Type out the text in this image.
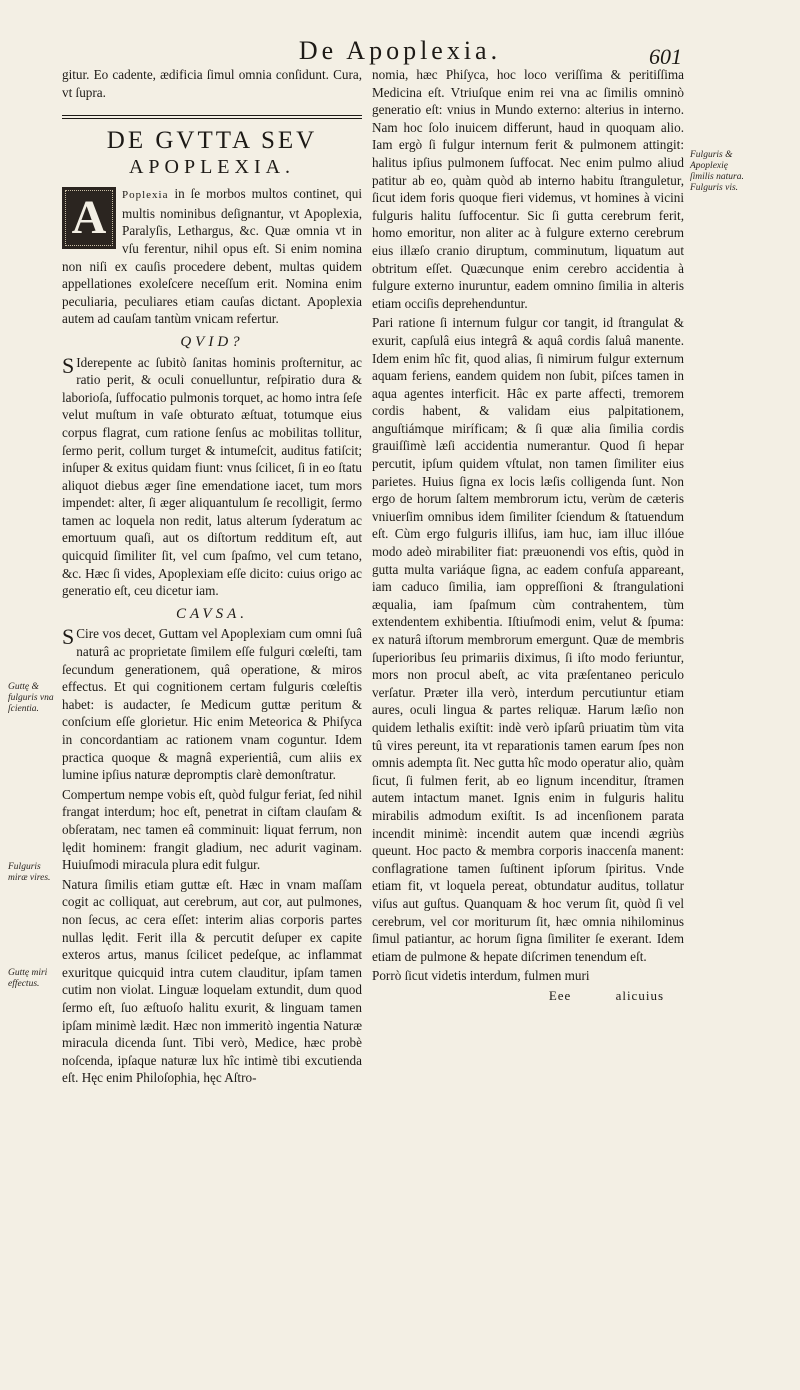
De Apoplexia.	601

gitur. Eo cadente, ædificia ſimul omnia conſidunt. Cura, vt ſupra.

DE GVTTA SEV
APOPLEXIA.

A	Poplexia in ſe morbos multos continet, qui multis nominibus deſignantur, vt Apoplexia, Paralyſis, Lethargus, &c. Quæ omnia vt in vſu ferentur, nihil opus eſt. Si enim nomina non niſi ex cauſis procedere debent, multas quidem appellationes exoleſcere neceſſum erit. Nomina enim peculiaria, peculiares etiam cauſas dictant. Apoplexia autem ad cauſam tantùm vnicam refertur.

QVID?

S Iderepente ac ſubitò ſanitas hominis proſternitur, ac ratio perit, & oculi conuelluntur, reſpiratio dura & laborioſa, ſuffocatio pulmonis torquet, ac homo intra ſeſe velut muſtum in vaſe obturato æſtuat, totumque eius corpus flagrat, cum ratione ſenſus ac mobilitas tollitur, ſermo perit, collum turget & intumeſcit, auditus fatiſcit; inſuper & exitus quidam fiunt: vnus ſcilicet, ſi in eo ſtatu aliquot diebus æger ſine emendatione iacet, tum mors impendet: alter, ſi æger aliquantulum ſe recolligit, ſermo tamen ac loquela non redit, latus alterum ſyderatum ac emortuum quaſi, aut os diſtortum redditum eſt, aut quicquid ſimiliter ſit, vel cum ſpaſmo, vel cum tetano, &c. Hæc ſi vides, Apoplexiam eſſe dicito: cuius origo ac generatio eſt, ceu dicetur iam.

CAVSA.

S Cire vos decet, Guttam vel Apoplexiam cum omni ſuâ naturâ ac proprietate ſimilem eſſe fulguri cœleſti, tam ſecundum generationem, quâ operatione, & miros effectus. Et qui cognitionem certam fulguris cœleſtis habet: is audacter, ſe Medicum guttæ peritum & conſcium eſſe glorietur. Hic enim Meteorica & Phiſyca in concordantiam ac rationem vnam coguntur. Idem practica quoque & magnâ experientiâ, cum aliis ex lumine ipſius naturæ depromptis clarè demonſtratur.

Compertum nempe vobis eſt, quòd fulgur feriat, ſed nihil frangat interdum; hoc eſt, penetrat in ciſtam clauſam & obſeratam, nec tamen eâ comminuit: liquat ferrum, non lędit hominem: frangit gladium, nec adurit vaginam. Huiuſmodi miracula plura edit fulgur.

Natura ſimilis etiam guttæ eſt. Hæc in vnam maſſam cogit ac colliquat, aut cerebrum, aut cor, aut pulmones, non ſecus, ac cera eſſet: interim alias corporis partes nullas lędit. Ferit illa & percutit deſuper ex capite exteros artus, manus ſcilicet pedeſque, ac inflammat exuritque quicquid intra cutem clauditur, ipſam tamen cutim non violat. Linguæ loquelam extundit, dum quod ſermo eſt, ſuo æſtuoſo halitu exurit, & linguam tamen ipſam minimè lædit. Hæc non immeritò ingentia Naturæ miracula dicenda ſunt. Tibi verò, Medice, hæc probè noſcenda, ipſaque naturæ lux hîc intimè tibi excutienda eſt. Hęc enim Philoſophia, hęc Aſtro-

nomia, hæc Phiſyca, hoc loco veriſſima & peritiſſima Medicina eſt. Vtriuſque enim rei vna ac ſimilis omninò generatio eſt: vnius in Mundo externo: alterius in interno. Nam hoc ſolo inuicem differunt, haud in quoquam alio. Iam ergò ſi fulgur internum ferit & pulmonem attingit: halitus ipſius pulmonem ſuffocat. Nec enim pulmo aliud patitur ab eo, quàm quòd ab interno habitu ſtranguletur, ſicut idem foris quoque fieri videmus, vt homines à vicini fulguris halitu ſuffocentur. Sic ſi gutta cerebrum ferit, homo emoritur, non aliter ac à fulgure externo cerebrum eius illæſo cranio diruptum, comminutum, liquatum aut obtritum eſſet. Quæcunque enim cerebro accidentia à fulgure externo inuruntur, eadem omnino ſimilia in alteris etiam occiſis deprehenduntur.

Pari ratione ſi internum fulgur cor tangit, id ſtrangulat & exurit, capſulâ eius integrâ & aquâ cordis ſaluâ manente. Idem enim hîc fit, quod alias, ſi nimirum fulgur externum aquam feriens, eandem quidem non ſubit, piſces tamen in aqua agentes interficit. Hâc ex parte affecti, tremorem cordis habent, & validam eius palpitationem, anguſtiámque miríficam; & ſi quæ alia ſimilia cordis grauiſſimè læſi accidentia numerantur. Quod ſi hepar percutit, ipſum quidem vſtulat, non tamen ſimiliter eius parietes. Huius ſigna ex locis læſis colligenda ſunt. Non ergo de horum ſaltem membrorum ictu, verùm de cæteris vniuerſim omnibus idem ſimiliter ſciendum & ſtatuendum eſt. Cùm ergo fulguris illiſus, iam huc, iam illuc illóue modo adeò mirabiliter fiat: præuonendi vos eſtis, quòd in gutta multa variáque ſigna, ac eadem confuſa appareant, iam caduco ſimilia, iam oppreſſioni & ſtrangulationi æqualia, iam ſpaſmum cùm contrahentem, tùm extendentem exhibentia. Iſtiuſmodi enim, velut & ſpuma: ex naturâ iſtorum membrorum emergunt. Quæ de membris ſuperioribus ſeu primariis diximus, ſi iſto modo feriuntur, mors non procul abeſt, ac vita præſentaneo periculo verſatur. Præter illa verò, interdum percutiuntur etiam aures, oculi lingua & partes reliquæ. Harum læſio non quidem lethalis exiſtit: indè verò ipſarû priuatim tùm vita tû vires pereunt, ita vt reparationis tamen earum ſpes non omnis adempta ſit. Nec gutta hîc modo operatur alio, quàm ſicut, ſi fulmen ferit, ab eo lignum incenditur, ſtramen autem intactum manet. Ignis enim in fulguris halitu mirabilis admodum exiſtit. Is ad incenſionem parata incendit minimè: incendit autem quæ incendi ægriùs queunt. Hoc pacto & membra corporis inaccenſa manent: conflagratione tamen ſuſtinent ipſorum ſpiritus. Vnde etiam fit, vt loquela pereat, obtundatur auditus, tollatur viſus aut guſtus. Quanquam & hoc verum ſit, quòd ſi vel cerebrum, vel cor moriturum ſit, hæc omnia nihilominus ſimul patiantur, ac horum ſigna ſimiliter ſe exerant. Idem etiam de pulmone & hepate diſcrimen tenendum eſt.

Porrò ſicut videtis interdum, fulmen muri

Eee	alicuius
Fulguris & Apoplexię ſimilis natura. Fulguris vis.
Guttę & fulguris vna ſcientia.
Fulguris miræ vires.
Guttę miri effectus.
